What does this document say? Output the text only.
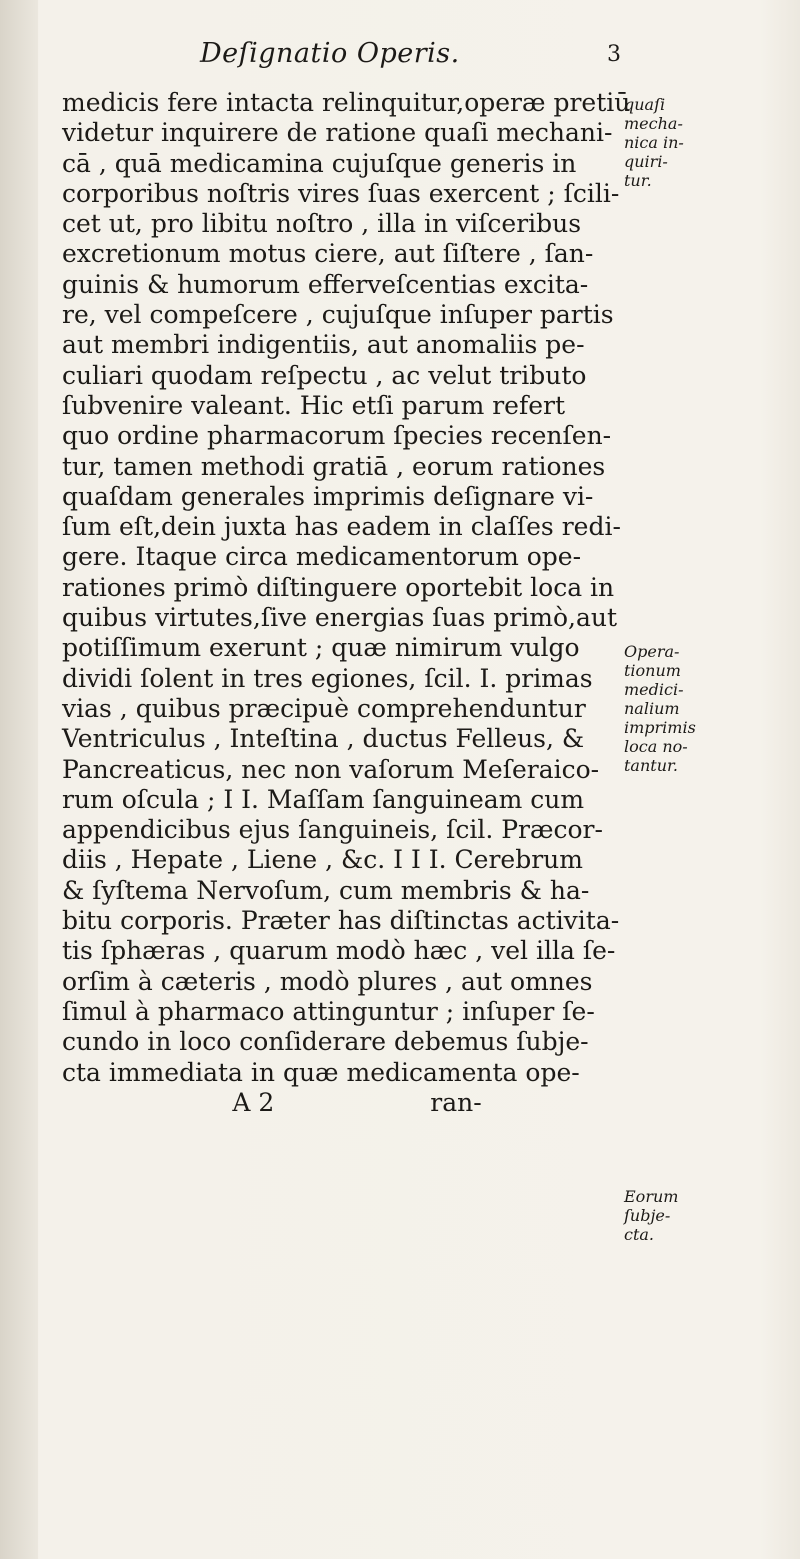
Deſignatio Operis.	3
medicis fere intacta relinquitur,operæ pretiū
videtur inquirere de ratione quaſi mechani-
cā , quā medicamina cujuſque generis in
corporibus noſtris vires ſuas exercent ; ſcili-
cet ut, pro libitu noſtro , illa in viſceribus
excretionum motus ciere, aut ſiſtere , ſan-
guinis & humorum efferveſcentias excita-
re, vel compeſcere , cujuſque inſuper partis
aut membri indigentiis, aut anomaliis pe-
culiari quodam reſpectu , ac velut tributo
ſubvenire valeant. Hic etſi parum refert
quo ordine pharmacorum ſpecies recenſen-
tur, tamen methodi gratiā , eorum rationes
quaſdam generales imprimis deſignare vi-
ſum eſt,dein juxta has eadem in claſſes redi-
gere. Itaque circa medicamentorum ope-
rationes primò diſtinguere oportebit loca in
quibus virtutes,ſive energias ſuas primò,aut
potiſſimum exerunt ; quæ nimirum vulgo
dividi ſolent in tres egiones, ſcil. I. primas
vias , quibus præcipuè comprehenduntur
Ventriculus , Inteſtina , ductus Felleus, &
Pancreaticus, nec non vaſorum Meſeraico-
rum oſcula ; I I. Maſſam ſanguineam cum
appendicibus ejus ſanguineis, ſcil. Præcor-
diis , Hepate , Liene , &c. I I I. Cerebrum
& ſyſtema Nervoſum, cum membris & ha-
bitu corporis. Præter has diſtinctas activita-
tis ſphæras , quarum modò hæc , vel illa ſe-
orſim à cæteris , modò plures , aut omnes
ſimul à pharmaco attinguntur ; inſuper ſe-
cundo in loco conſiderare debemus ſubje-
cta immediata in quæ medicamenta ope-
A 2	ran-
quaſi
mecha-
nica in-
quiri-
tur.
Opera-
tionum
medici-
nalium
imprimis
loca no-
tantur.
Eorum
ſubje-
cta.
